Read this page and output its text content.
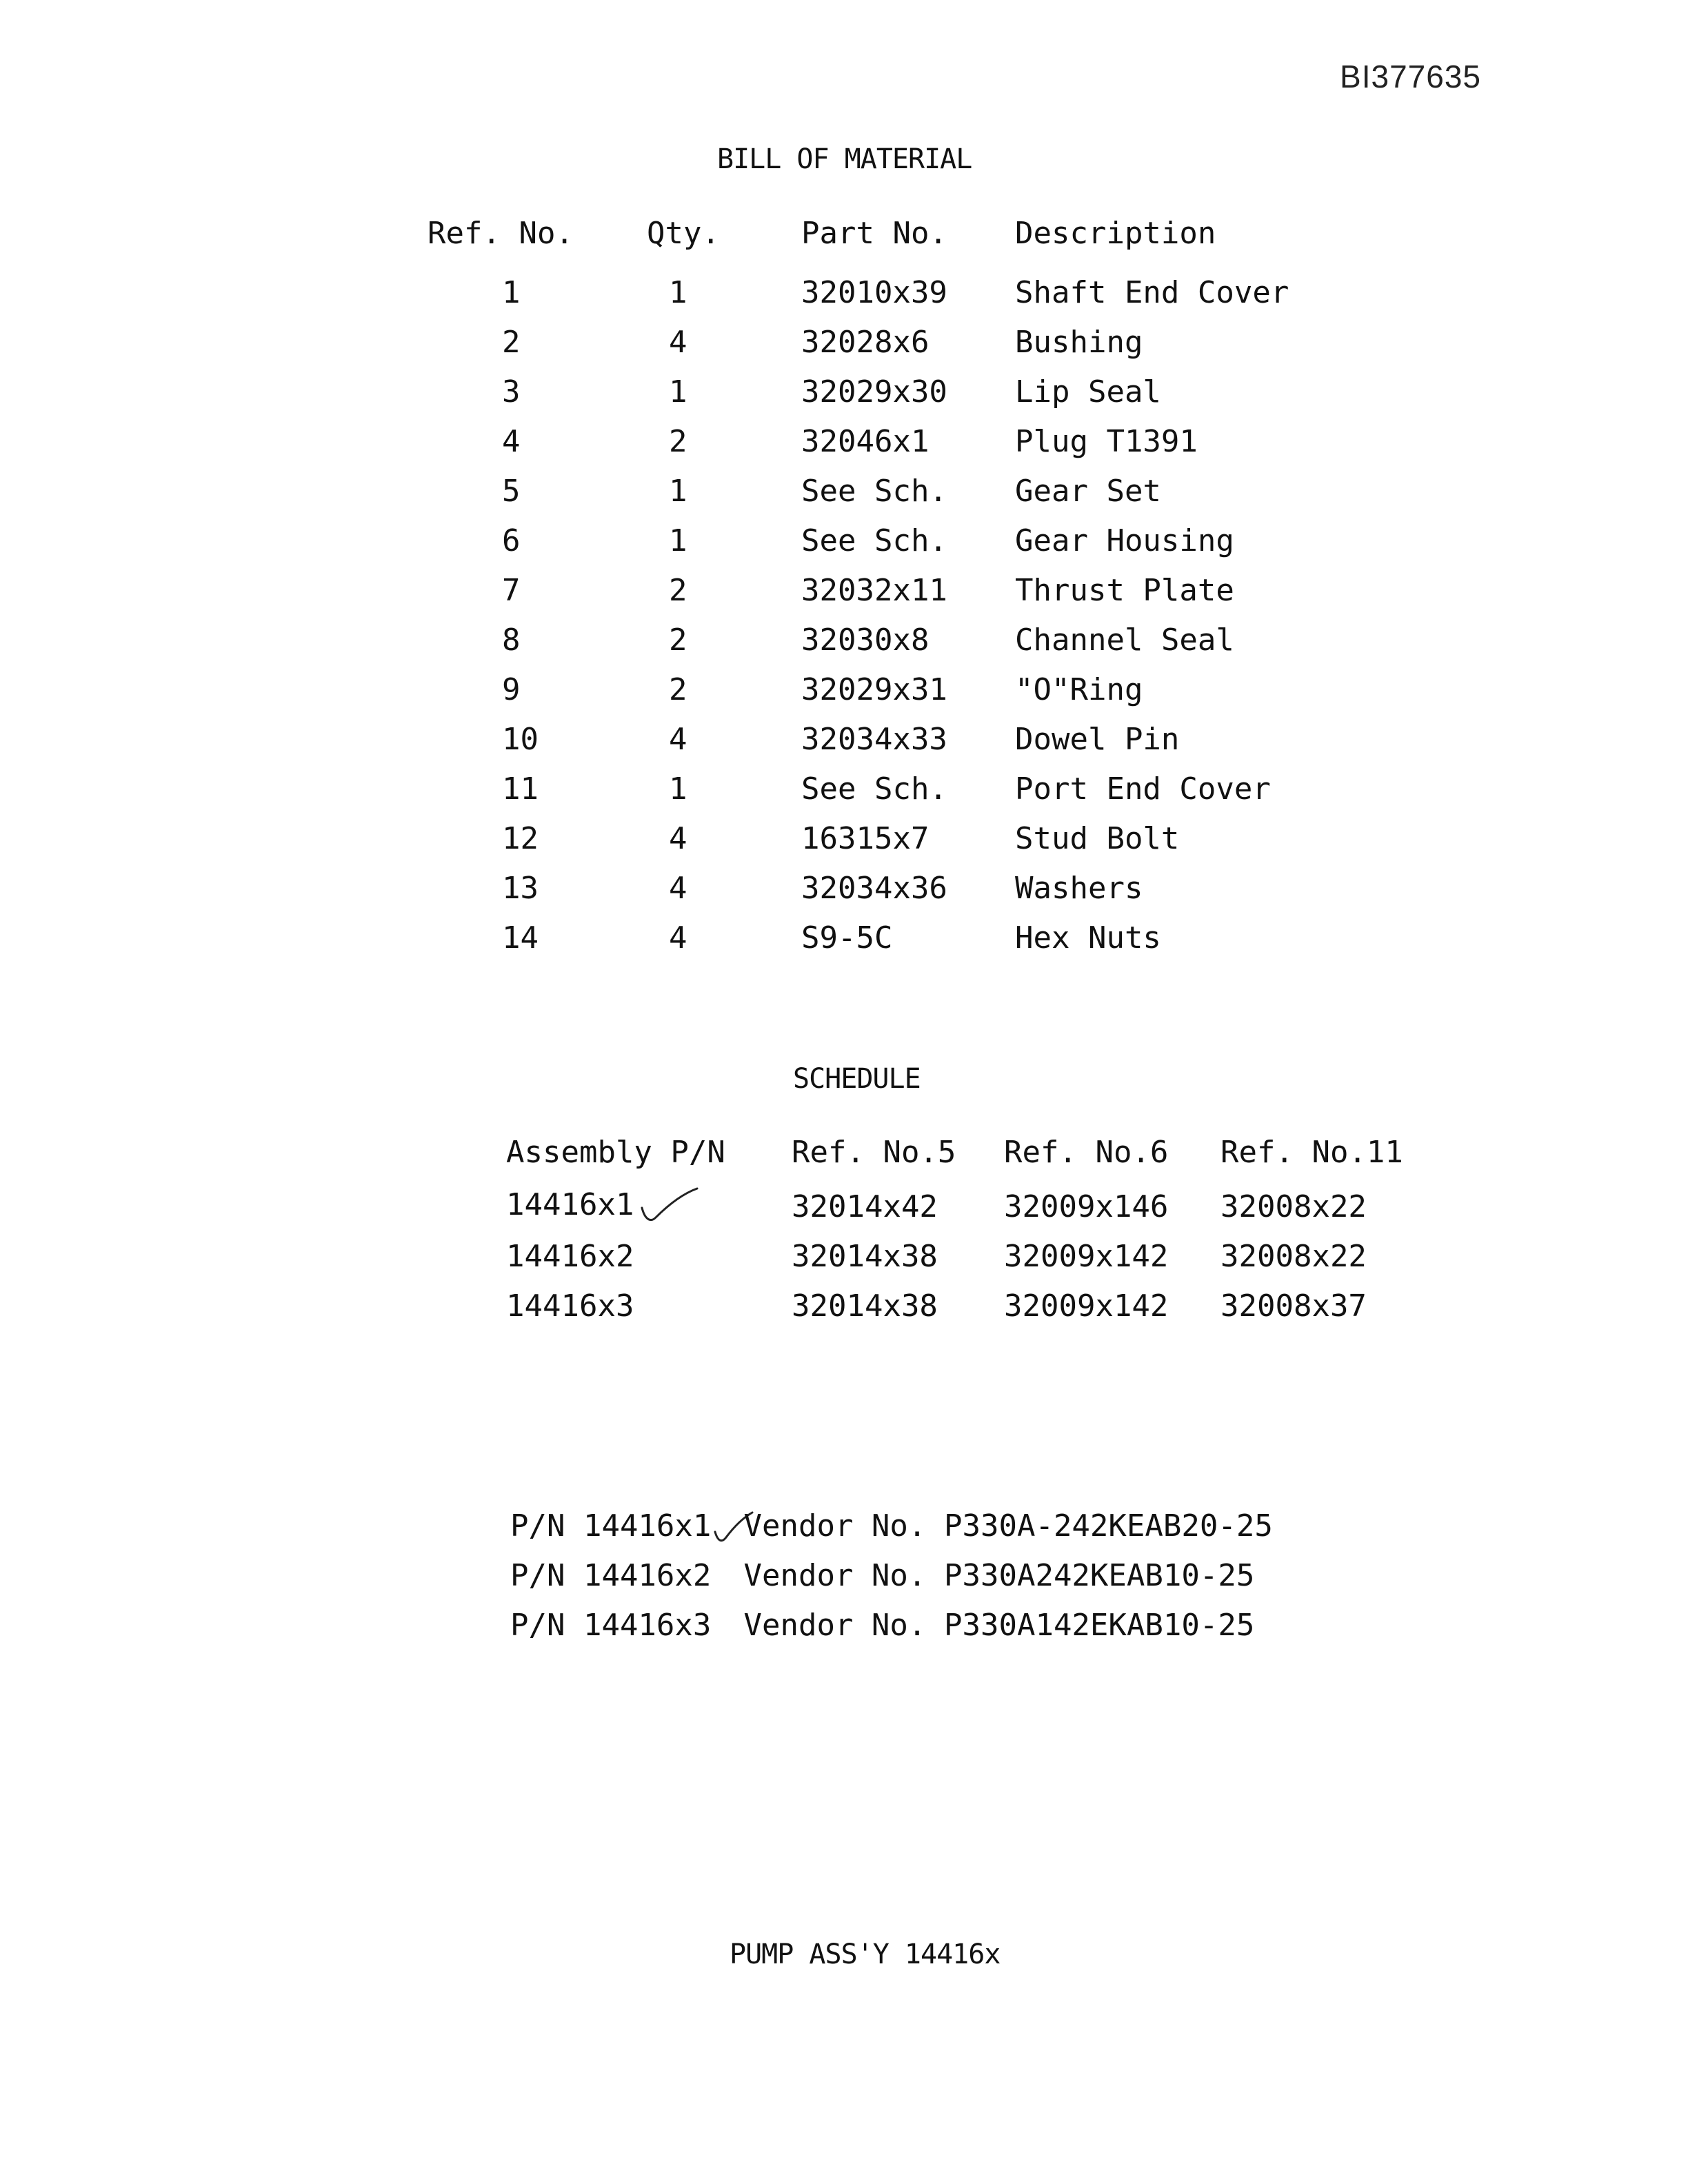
BI377635
BILL OF MATERIAL
Ref. No.	Qty.	Part No.	Description
1	1	32010x39	Shaft End Cover
2	4	32028x6	Bushing
3	1	32029x30	Lip Seal
4	2	32046x1	Plug T1391
5	1	See Sch.	Gear Set
6	1	See Sch.	Gear Housing
7	2	32032x11	Thrust Plate
8	2	32030x8	Channel Seal
9	2	32029x31	"O"Ring
10	4	32034x33	Dowel Pin
11	1	See Sch.	Port End Cover
12	4	16315x7	Stud Bolt
13	4	32034x36	Washers
14	4	S9-5C	Hex Nuts
SCHEDULE
Assembly P/N	Ref. No.5	Ref. No.6	Ref. No.11
14416x1	32014x42	32009x146	32008x22
14416x2	32014x38	32009x142	32008x22
14416x3	32014x38	32009x142	32008x37
P/N 14416x1 Vendor No. P330A-242KEAB20-25
P/N 14416x2 Vendor No. P330A242KEAB10-25
P/N 14416x3 Vendor No. P330A142EKAB10-25
PUMP ASS'Y 14416x
